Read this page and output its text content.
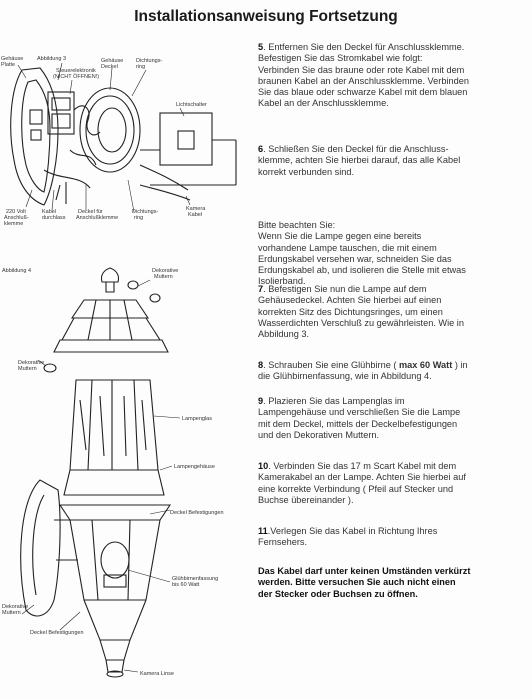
Installationsanweisung Fortsetzung
Gehäuse Platte
Abbildung 3
Steuerelektronik (NICHT ÖFFNEN!)
Gehäuse Deckel
Dichtungs-ring
Lichtschalter
220 Volt Anschluß-klemme
Kabel durchlass
Deckel für Anschlußklemme
Dichtungs-ring
Kamera Kabel
Abbildung 4	Dekorative Muttern
Dekorative Muttern
Lampenglas
Lampengehäuse
Deckel Befestigungen
Glühbirnenfassung bis 60 Watt
Dekorative Muttern
Deckel Befestigungen
Kamera Linse

5. Entfernen Sie den Deckel für Anschlussklemme.
Befestigen Sie das Stromkabel wie folgt:
Verbinden Sie das braune oder rote Kabel mit dem
braunen Kabel an der Anschlussklemme. Verbinden
Sie das blaue oder schwarze Kabel mit dem blauen
Kabel an der Anschlussklemme.

6. Schließen Sie den Deckel für die Anschluss-
klemme, achten Sie hierbei darauf, das alle Kabel
korrekt verbunden sind.

Bitte beachten Sie:
Wenn Sie die Lampe gegen eine bereits
vorhandene Lampe tauschen, die mit einem
Erdungskabel versehen war, schneiden Sie das
Erdungskabel ab, und isolieren die Stelle mit etwas
Isolierband.

7. Befestigen Sie nun die Lampe auf dem
Gehäusedeckel. Achten Sie hierbei auf einen
korrekten Sitz des Dichtungsringes, um einen
Wasserdichten Verschluß zu gewährleisten. Wie in
Abbildung 3.

8. Schrauben Sie eine Glühbirne ( max 60 Watt ) in
die Glühbirnenfassung, wie in Abbildung 4.

9. Plazieren Sie das Lampenglas im
Lampengehäuse und verschließen Sie die Lampe
mit dem Deckel, mittels der Deckelbefestigungen
und den Dekorativen Muttern.

10. Verbinden Sie das 17 m Scart Kabel mit dem
Kamerakabel an der Lampe. Achten Sie hierbei auf
eine korrekte Verbindung ( Pfeil auf Stecker und
Buchse übereinander ).

11.Verlegen Sie das Kabel in Richtung Ihres
Fernsehers.

Das Kabel darf unter keinen Umständen verkürzt
werden. Bitte versuchen Sie auch nicht einen
der Stecker oder Buchsen zu öffnen.
